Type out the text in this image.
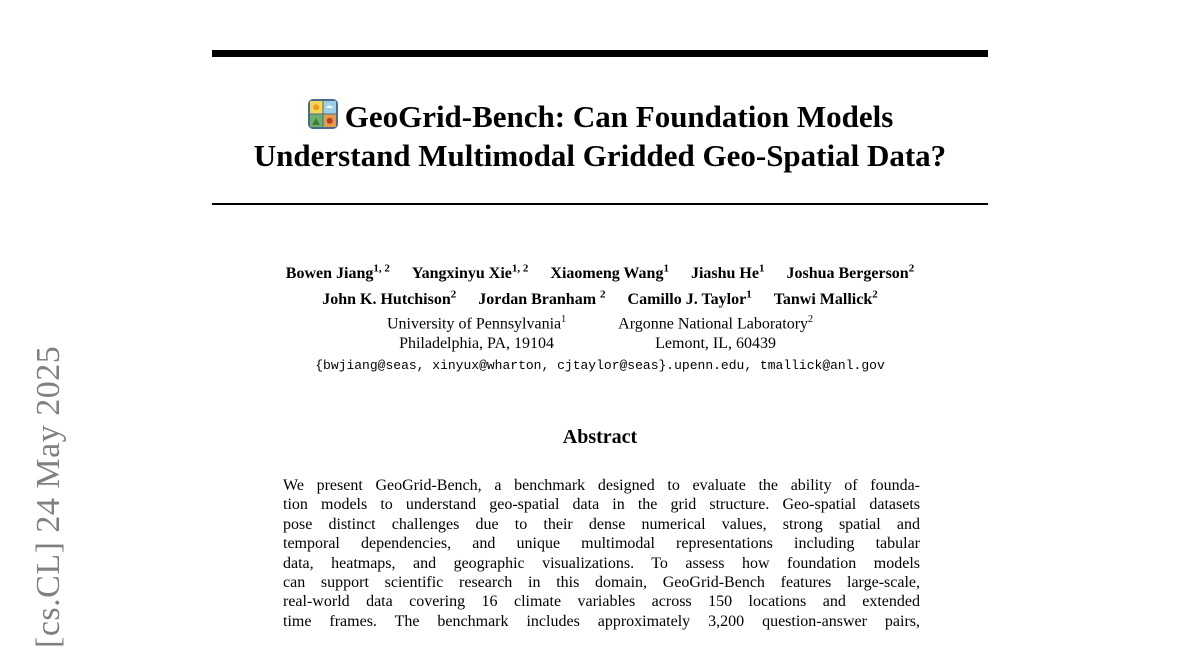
[cs.CL] 24 May 2025
GeoGrid-Bench: Can Foundation Models
Understand Multimodal Gridded Geo-Spatial Data?
Bowen Jiang$^{1, 2}$ Yangxinyu Xie$^{1, 2}$ Xiaomeng Wang$^1$ Jiashu He$^1$ Joshua Bergerson$^2$
John K. Hutchison$^2$ Jordan Branham $^2$ Camillo J. Taylor$^1$ Tanwi Mallick$^2$
University of Pennsylvania$^1$
Philadelphia, PA, 19104
Argonne National Laboratory$^2$
Lemont, IL, 60439
{bwjiang@seas, xinyux@wharton, cjtaylor@seas}.upenn.edu, tmallick@anl.gov
Abstract
We present GeoGrid-Bench, a benchmark designed to evaluate the ability of founda-
tion models to understand geo-spatial data in the grid structure. Geo-spatial datasets
pose distinct challenges due to their dense numerical values, strong spatial and
temporal dependencies, and unique multimodal representations including tabular
data, heatmaps, and geographic visualizations. To assess how foundation models
can support scientific research in this domain, GeoGrid-Bench features large-scale,
real-world data covering 16 climate variables across 150 locations and extended
time frames. The benchmark includes approximately 3,200 question-answer pairs,
